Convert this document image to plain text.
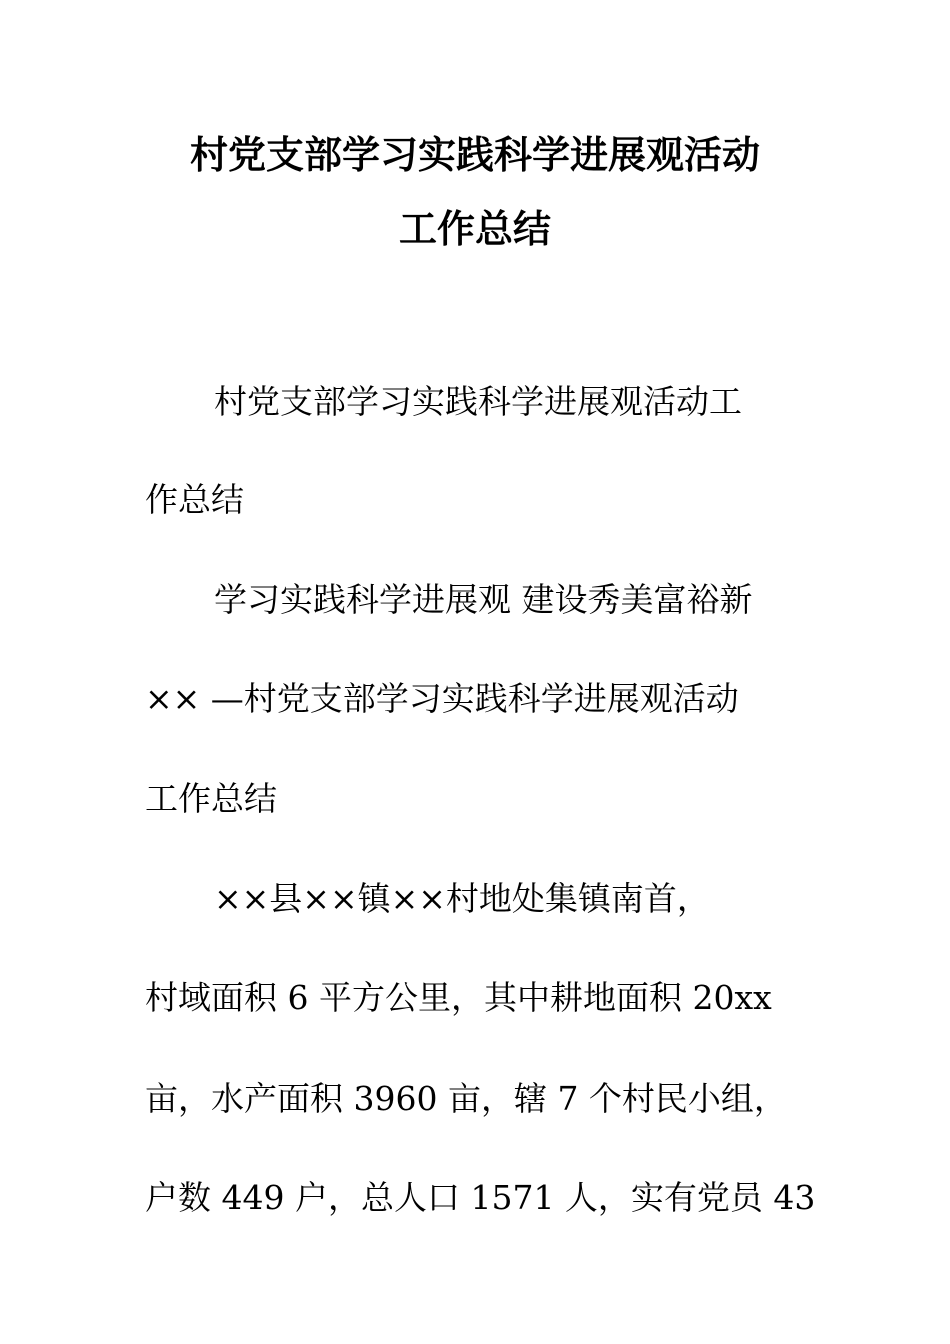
村党支部学习实践科学进展观活动
工作总结
村党支部学习实践科学进展观活动工
作总结
学习实践科学进展观 建设秀美富裕新
×× —村党支部学习实践科学进展观活动
工作总结
××县××镇××村地处集镇南首，
村域面积 6 平方公里，其中耕地面积 20xx
亩，水产面积 3960 亩，辖 7 个村民小组，
户数 449 户，总人口 1571 人，实有党员 43
